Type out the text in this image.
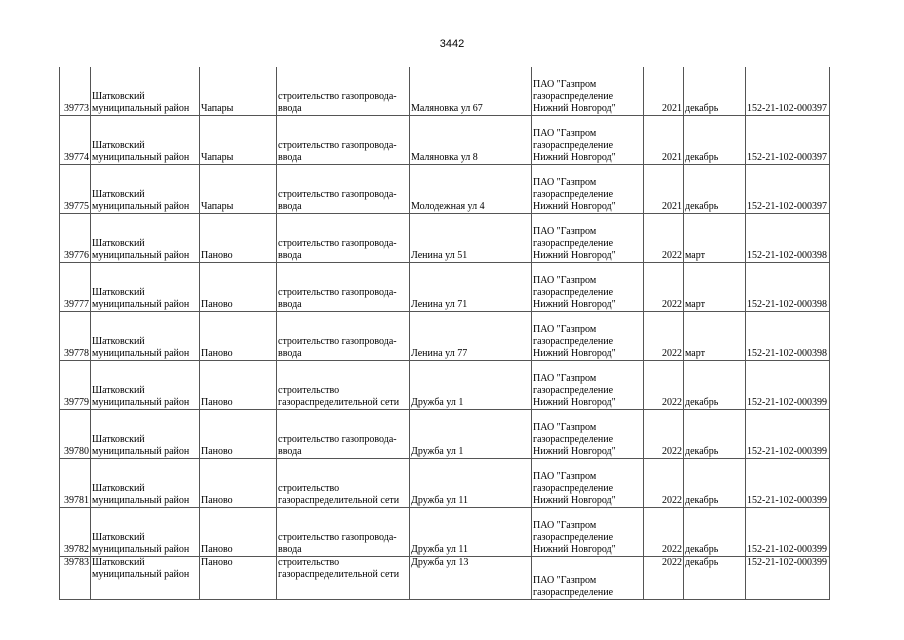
3442
39773	Шатковский
муниципальный район	Чапары	строительство газопровода-
ввода	Маляновка ул 67	ПАО "Газпром
газораспределение
Нижний Новгород"	2021	декабрь	152-21-102-000397

39774	Шатковский
муниципальный район	Чапары	строительство газопровода-
ввода	Маляновка ул 8	ПАО "Газпром
газораспределение
Нижний Новгород"	2021	декабрь	152-21-102-000397

39775	Шатковский
муниципальный район	Чапары	строительство газопровода-
ввода	Молодежная ул 4	ПАО "Газпром
газораспределение
Нижний Новгород"	2021	декабрь	152-21-102-000397

39776	Шатковский
муниципальный район	Паново	строительство газопровода-
ввода	Ленина ул 51	ПАО "Газпром
газораспределение
Нижний Новгород"	2022	март	152-21-102-000398

39777	Шатковский
муниципальный район	Паново	строительство газопровода-
ввода	Ленина ул 71	ПАО "Газпром
газораспределение
Нижний Новгород"	2022	март	152-21-102-000398

39778	Шатковский
муниципальный район	Паново	строительство газопровода-
ввода	Ленина ул 77	ПАО "Газпром
газораспределение
Нижний Новгород"	2022	март	152-21-102-000398

39779	Шатковский
муниципальный район	Паново	строительство
газораспределительной сети	Дружба ул 1	ПАО "Газпром
газораспределение
Нижний Новгород"	2022	декабрь	152-21-102-000399

39780	Шатковский
муниципальный район	Паново	строительство газопровода-
ввода	Дружба ул 1	ПАО "Газпром
газораспределение
Нижний Новгород"	2022	декабрь	152-21-102-000399

39781	Шатковский
муниципальный район	Паново	строительство
газораспределительной сети	Дружба ул 11	ПАО "Газпром
газораспределение
Нижний Новгород"	2022	декабрь	152-21-102-000399

39782	Шатковский
муниципальный район	Паново	строительство газопровода-
ввода	Дружба ул 11	ПАО "Газпром
газораспределение
Нижний Новгород"	2022	декабрь	152-21-102-000399

39783	Шатковский
муниципальный район	Паново	строительство
газораспределительной сети	Дружба ул 13	ПАО "Газпром
газораспределение	2022	декабрь	152-21-102-000399
